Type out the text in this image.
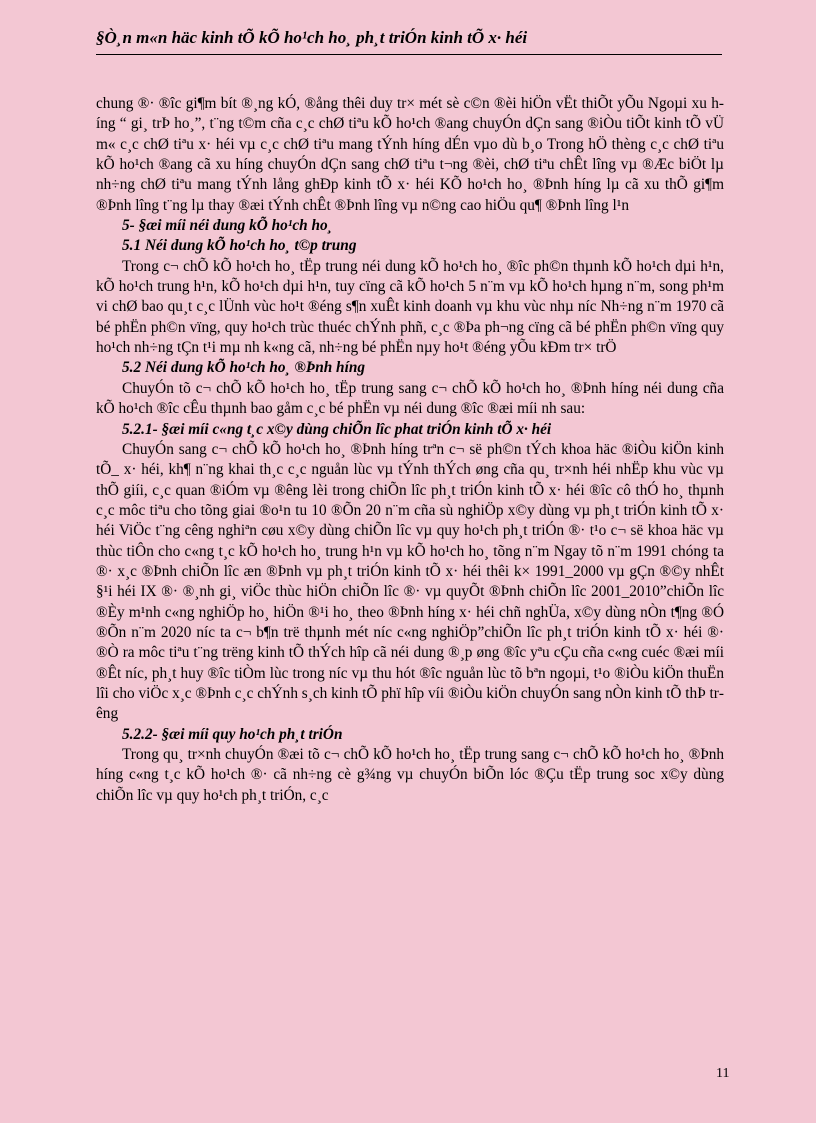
§Ò¸n m«n häc kinh tÕ kÕ ho¹ch ho¸ ph¸t triÓn kinh tÕ x· héi

chung ®· ®îc gi¶m bít ®¸ng kÓ, ®ång thêi duy tr× mét sè c©n ®èi hiÖn vËt thiÕt yÕu Ngoµi xu híng “ gi¸ trÞ ho¸”, t¨ng t©m cña c¸c chØ tiªu kÕ ho¹ch ®ang chuyÓn dÇn sang ®iÒu tiÕt kinh tÕ vÜ m« c¸c chØ tiªu x· héi vµ c¸c chØ tiªu mang tÝnh híng dÉn vµo dù b¸o Trong hÖ thèng c¸c chØ tiªu kÕ ho¹ch ®ang cã xu híng chuyÓn dÇn sang chØ tiªu t¬ng ®èi, chØ tiªu chÊt lîng vµ ®Æc biÖt lµ nh÷ng chØ tiªu mang tÝnh lång ghÐp kinh tÕ x· héi KÕ ho¹ch ho¸ ®Þnh híng lµ cã xu thÕ gi¶m ®Þnh lîng t¨ng lµ thay ®æi tÝnh chÊt ®Þnh lîng vµ n©ng cao hiÖu qu¶ ®Þnh lîng l¹n

5- §æi míi néi dung kÕ ho¹ch ho¸
5.1 Néi dung kÕ ho¹ch ho¸ t©p trung

Trong c¬ chÕ kÕ ho¹ch ho¸ tËp trung néi dung kÕ ho¹ch ho¸ ®îc ph©n thµnh kÕ ho¹ch dµi h¹n, kÕ ho¹ch trung h¹n, kÕ ho¹ch dµi h¹n, tuy cïng cã kÕ ho¹ch 5 n¨m vµ kÕ ho¹ch hµng n¨m, song ph¹m vi chØ bao qu¸t c¸c lÜnh vùc ho¹t ®éng s¶n xuÊt kinh doanh vµ khu vùc nhµ níc Nh÷ng n¨m 1970 cã bé phËn ph©n vïng, quy ho¹ch trùc thuéc chÝnh phñ, c¸c ®Þa ph¬ng cïng cã bé phËn ph©n vïng quy ho¹ch nh÷ng tÇn t¹i mµ nh k«ng cã, nh÷ng bé phËn nµy ho¹t ®éng yÕu kÐm tr× trÖ

5.2 Néi dung kÕ ho¹ch ho¸ ®Þnh híng

ChuyÓn tõ c¬ chÕ kÕ ho¹ch ho¸ tËp trung sang c¬ chÕ kÕ ho¹ch ho¸ ®Þnh híng néi dung cña kÕ ho¹ch ®îc cÊu thµnh bao gåm c¸c bé phËn vµ néi dung ®îc ®æi míi nh sau:

5.2.1- §æi míi c«ng t¸c x©y dùng chiÕn lîc phat triÓn kinh tÕ x· héi

ChuyÓn sang c¬ chÕ kÕ ho¹ch ho¸ ®Þnh híng trªn c¬ së ph©n tÝch khoa häc ®iÒu kiÖn kinh tÕ_ x· héi, kh¶ n¨ng khai th¸c c¸c nguån lùc vµ tÝnh thÝch øng cña qu¸ tr×nh héi nhËp khu vùc vµ thÕ giíi, c¸c quan ®iÓm vµ ®êng lèi trong chiÕn lîc ph¸t triÓn kinh tÕ x· héi ®îc cô thÓ ho¸ thµnh c¸c môc tiªu cho tõng giai ®o¹n tu 10 ®Õn 20 n¨m cña sù nghiÖp x©y dùng vµ ph¸t triÓn kinh tÕ x· héi ViÖc t¨ng cêng nghiªn cøu x©y dùng chiÕn lîc vµ quy ho¹ch ph¸t triÓn ®· t¹o c¬ së khoa häc vµ thùc tiÔn cho c«ng t¸c kÕ ho¹ch ho¸ trung h¹n vµ kÕ ho¹ch ho¸ tõng n¨m Ngay tõ n¨m 1991 chóng ta ®· x¸c ®Þnh chiÕn lîc æn ®Þnh vµ ph¸t triÓn kinh tÕ x· héi thêi k× 1991_2000 vµ gÇn ®©y nhÊt §¹i héi IX ®· ®¸nh gi¸ viÖc thùc hiÖn chiÕn lîc ®· vµ quyÕt ®Þnh chiÕn lîc 2001_2010”chiÕn lîc ®Èy m¹nh c«ng nghiÖp ho¸ hiÖn ®¹i ho¸ theo ®Þnh híng x· héi chñ nghÜa, x©y dùng nÒn t¶ng ®Ó ®Õn n¨m 2020 níc ta c¬ b¶n trë thµnh mét níc c«ng nghiÖp”chiÕn lîc ph¸t triÓn kinh tÕ x· héi ®· ®Ò ra môc tiªu t¨ng trëng kinh tÕ thÝch hîp cã néi dung ®¸p øng ®îc yªu cÇu cña c«ng cuéc ®æi míi ®Êt níc, ph¸t huy ®îc tiÒm lùc trong níc vµ thu hót ®îc nguån lùc tõ bªn ngoµi, t¹o ®iÒu kiÖn thuËn lîi cho viÖc x¸c ®Þnh c¸c chÝnh s¸ch kinh tÕ phï hîp víi ®iÒu kiÖn chuyÓn sang nÒn kinh tÕ thÞ trêng

5.2.2- §æi míi quy ho¹ch ph¸t triÓn

Trong qu¸ tr×nh chuyÓn ®æi tõ c¬ chÕ kÕ ho¹ch ho¸ tËp trung sang c¬ chÕ kÕ ho¹ch ho¸ ®Þnh híng c«ng t¸c kÕ ho¹ch ®· cã nh÷ng cè g¾ng vµ chuyÓn biÕn lóc ®Çu tËp trung soc x©y dùng chiÕn lîc vµ quy ho¹ch ph¸t triÓn, c¸c

11
